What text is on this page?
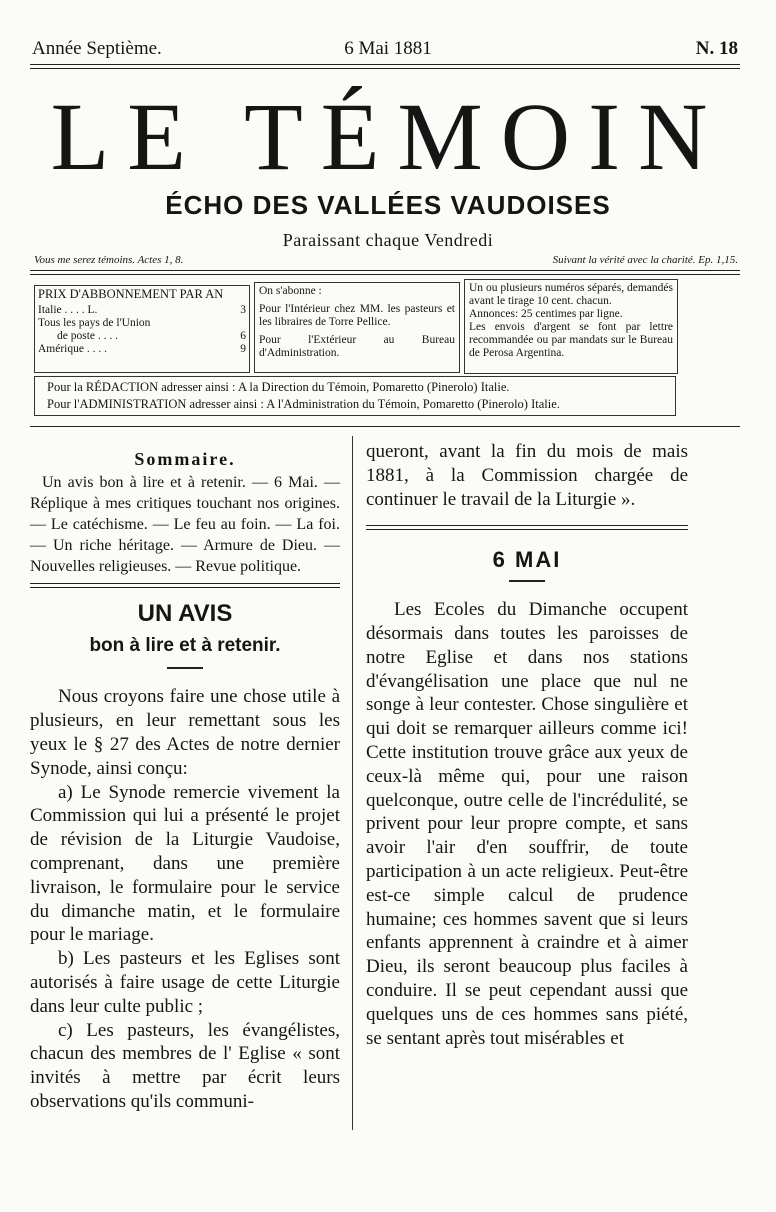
Année Septième.	6 Mai 1881	N. 18
LE TÉMOIN
ÉCHO DES VALLÉES VAUDOISES
Paraissant chaque Vendredi
Vous me serez témoins. Actes 1, 8.	Suivant la vérité avec la charité. Ep. 1,15.
PRIX D'ABBONNEMENT PAR AN
Italie . . . . L.	3
Tous les pays de l'Union
de poste . . . .	6
Amérique . . . .	9
On s'abonne :
Pour l'Intérieur chez MM. les pasteurs et les libraires de Torre Pellice.
Pour l'Extérieur au Bureau d'Administration.
Un ou plusieurs numéros séparés, demandés avant le tirage 10 cent. chacun.
Annonces: 25 centimes par ligne.
Les envois d'argent se font par lettre recommandée ou par mandats sur le Bureau de Perosa Argentina.
Pour la RÉDACTION adresser ainsi : A la Direction du Témoin, Pomaretto (Pinerolo) Italie.
Pour l'ADMINISTRATION adresser ainsi : A l'Administration du Témoin, Pomaretto (Pinerolo) Italie.
Sommaire.
Un avis bon à lire et à retenir. — 6 Mai. — Réplique à mes critiques touchant nos origines. — Le catéchisme. — Le feu au foin. — La foi. — Un riche héritage. — Armure de Dieu. — Nouvelles religieuses. — Revue politique.
UN AVIS
bon à lire et à retenir.

Nous croyons faire une chose utile à plusieurs, en leur remettant sous les yeux le § 27 des Actes de notre dernier Synode, ainsi conçu:

a) Le Synode remercie vivement la Commission qui lui a présenté le projet de révision de la Liturgie Vaudoise, comprenant, dans une première livraison, le formulaire pour le service du dimanche matin, et le formulaire pour le mariage.

b) Les pasteurs et les Eglises sont autorisés à faire usage de cette Liturgie dans leur culte public ;

c) Les pasteurs, les évangélistes, chacun des membres de l' Eglise « sont invités à mettre par écrit leurs observations qu'ils communi-

queront, avant la fin du mois de mais 1881, à la Commission chargée de continuer le travail de la Liturgie ».

6 MAI

Les Ecoles du Dimanche occupent désormais dans toutes les paroisses de notre Eglise et dans nos stations d'évangélisation une place que nul ne songe à leur contester. Chose singulière et qui doit se remarquer ailleurs comme ici! Cette institution trouve grâce aux yeux de ceux-là même qui, pour une raison quelconque, outre celle de l'incrédulité, se privent pour leur propre compte, et sans avoir l'air d'en souffrir, de toute participation à un acte religieux. Peut-être est-ce simple calcul de prudence humaine; ces hommes savent que si leurs enfants apprennent à craindre et à aimer Dieu, ils seront beaucoup plus faciles à conduire. Il se peut cependant aussi que quelques uns de ces hommes sans piété, se sentant après tout misérables et
